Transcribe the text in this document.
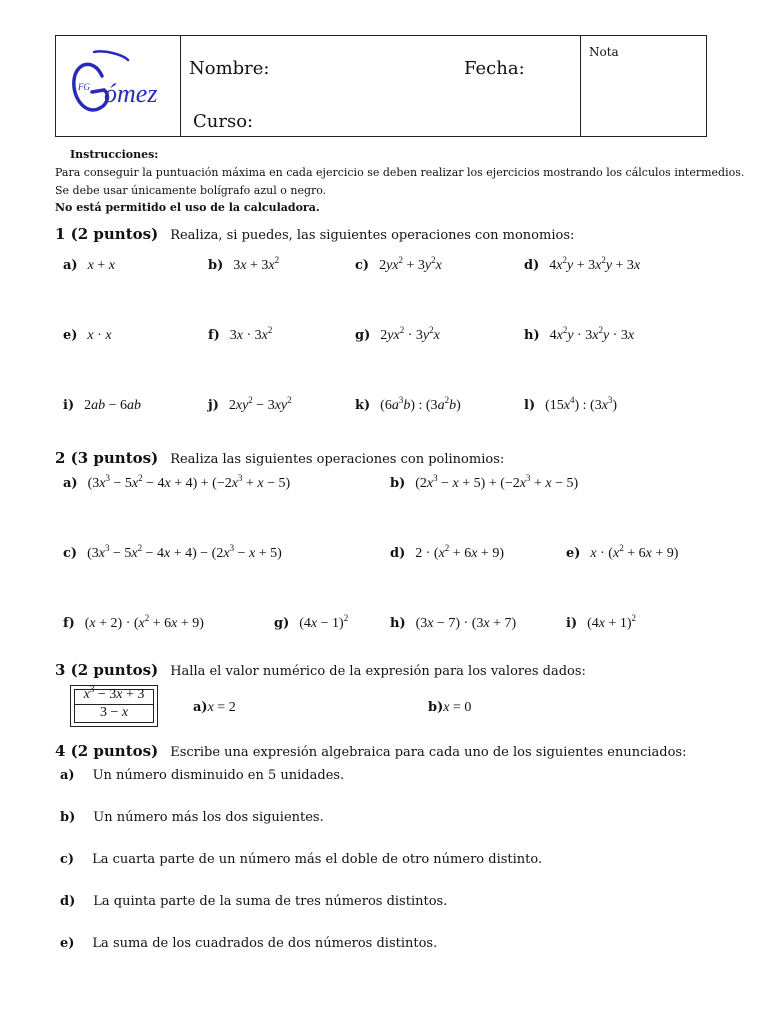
FG ómez
Nombre:	Fecha:
Curso:
Nota
Instrucciones:
Para conseguir la puntuación máxima en cada ejercicio se deben realizar los ejercicios mostrando los cálculos intermedios.
Se debe usar únicamente bolígrafo azul o negro.
No está permitido el uso de la calculadora.
1 (2 puntos) Realiza, si puedes, las siguientes operaciones con monomios:
a) x + x	b) $3x + 3x^2$	c) $2yx^2 + 3y^2x$	d) $4x^2y + 3x^2y + 3x$
e) x · x	f) $3x \cdot 3x^2$	g) $2yx^2 \cdot 3y^2x$	h) $4x^2y \cdot 3x^2y \cdot 3x$
i) 2ab − 6ab	j) $2xy^2 - 3xy^2$	k) $(6a^3b)$ : $(3a^2b)$	l) $(15x^4)$ : $(3x^3)$
2 (3 puntos) Realiza las siguientes operaciones con polinomios:
a) $(3x^3 - 5x^2 - 4x + 4) + (-2x^3 + x - 5)$	b) $(2x^3 - x + 5) + (-2x^3 + x - 5)$
c) $(3x^3 - 5x^2 - 4x + 4) - (2x^3 - x + 5)$	d) $2 \cdot (x^2 + 6x + 9)$	e) $x \cdot (x^2 + 6x + 9)$
f) $(x + 2) \cdot (x^2 + 6x + 9)$	g) $(4x - 1)^2$	h) (3x − 7) · (3x + 7)	i) $(4x + 1)^2$
3 (2 puntos) Halla el valor numérico de la expresión para los valores dados:
$x^3 - 3x + 3$
3 − x	a) x = 2	b) x = 0
4 (2 puntos) Escribe una expresión algebraica para cada uno de los siguientes enunciados:
a) Un número disminuido en 5 unidades.
b) Un número más los dos siguientes.
c) La cuarta parte de un número más el doble de otro número distinto.
d) La quinta parte de la suma de tres números distintos.
e) La suma de los cuadrados de dos números distintos.
